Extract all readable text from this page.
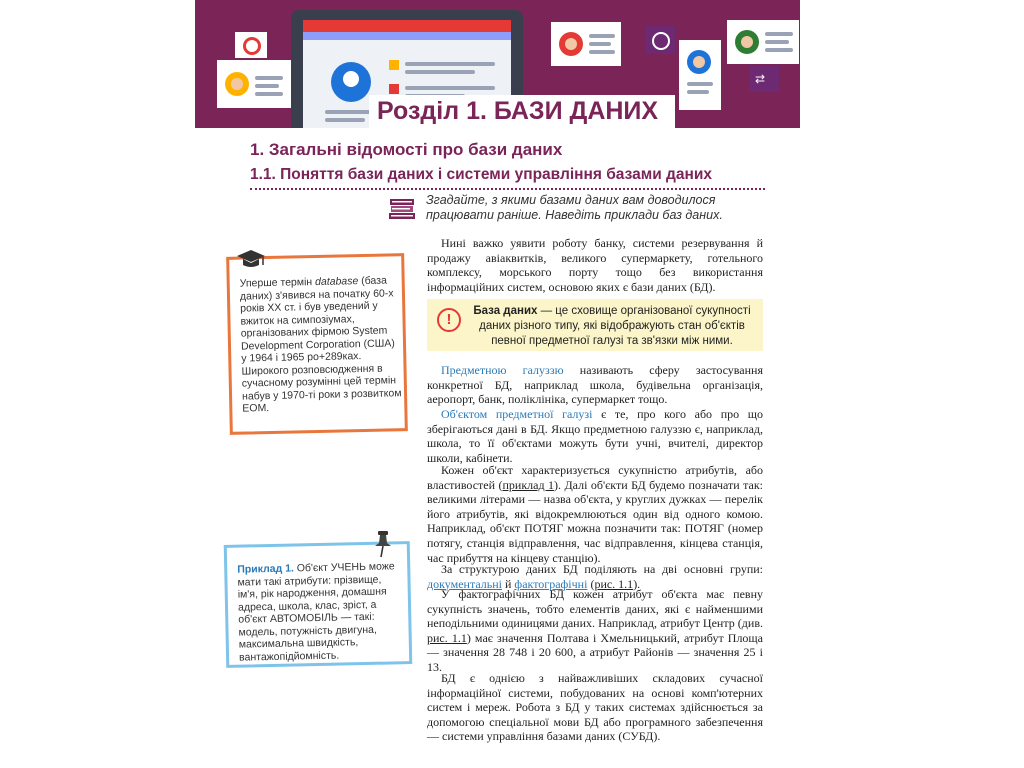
⇄
Розділ 1. БАЗИ ДАНИХ
1. Загальні відомості про бази даних
1.1. Поняття бази даних і системи управління базами даних
Згадайте, з якими базами даних вам доводилося працювати раніше. Наведіть приклади баз даних.

Нині важко уявити роботу банку, системи резервування й продажу авіаквитків, великого супермаркету, готельного комплексу, морського порту тощо без використання інформаційних систем, основою яких є бази даних (БД).

!	База даних — це сховище організованої сукупності даних різного типу, які відображують стан об'єктів певної предметної галузі та зв'язки між ними.

Предметною галуззю називають сферу застосування конкретної БД, наприклад школа, будівельна організація, аеропорт, банк, поліклініка, супермаркет тощо.

Об'єктом предметної галузі є те, про кого або про що зберігаються дані в БД. Якщо предметною галуззю є, наприклад, школа, то її об'єктами можуть бути учні, вчителі, директор школи, кабінети.

Кожен об'єкт характеризується сукупністю атрибутів, або властивостей (приклад 1). Далі об'єкти БД будемо позначати так: великими літерами — назва об'єкта, у круглих дужках — перелік його атрибутів, які відокремлюються один від одного комою. Наприклад, об'єкт ПОТЯГ можна позначити так: ПОТЯГ (номер потягу, станція відправлення, час відправлення, кінцева станція, час прибуття на кінцеву станцію).

За структурою даних БД поділяють на дві основні групи: документальні й фактографічні (рис. 1.1).

У фактографічних БД кожен атрибут об'єкта має певну сукупність значень, тобто елементів даних, які є найменшими неподільними одиницями даних. Наприклад, атрибут Центр (див. рис. 1.1) має значення Полтава і Хмельницький, атрибут Площа — значення 28 748 і 20 600, а атрибут Районів — значення 25 і 13.

БД є однією з найважливіших складових сучасної інформаційної системи, побудованих на основі комп'ютерних систем і мереж. Робота з БД у таких системах здійснюється за допомогою спеціальної мови БД або програмного забезпечення — системи управління базами даних (СУБД).

Уперше термін database (база даних) з'явився на початку 60-х років XX ст. і був уведений у вжиток на симпозіумах, організованих фірмою System Development Corporation (США) у 1964 і 1965 ро+289ках. Широкого розповсюдження в сучасному розумінні цей термін набув у 1970-ті роки з розвитком ЕОМ.
Приклад 1. Об'єкт УЧЕНЬ може мати такі атрибути: прізвище, ім'я, рік народження, домашня адреса, школа, клас, зріст, а об'єкт АВТОМОБІЛЬ — такі: модель, потужність двигуна, максимальна швидкість, вантажопідйомність.
